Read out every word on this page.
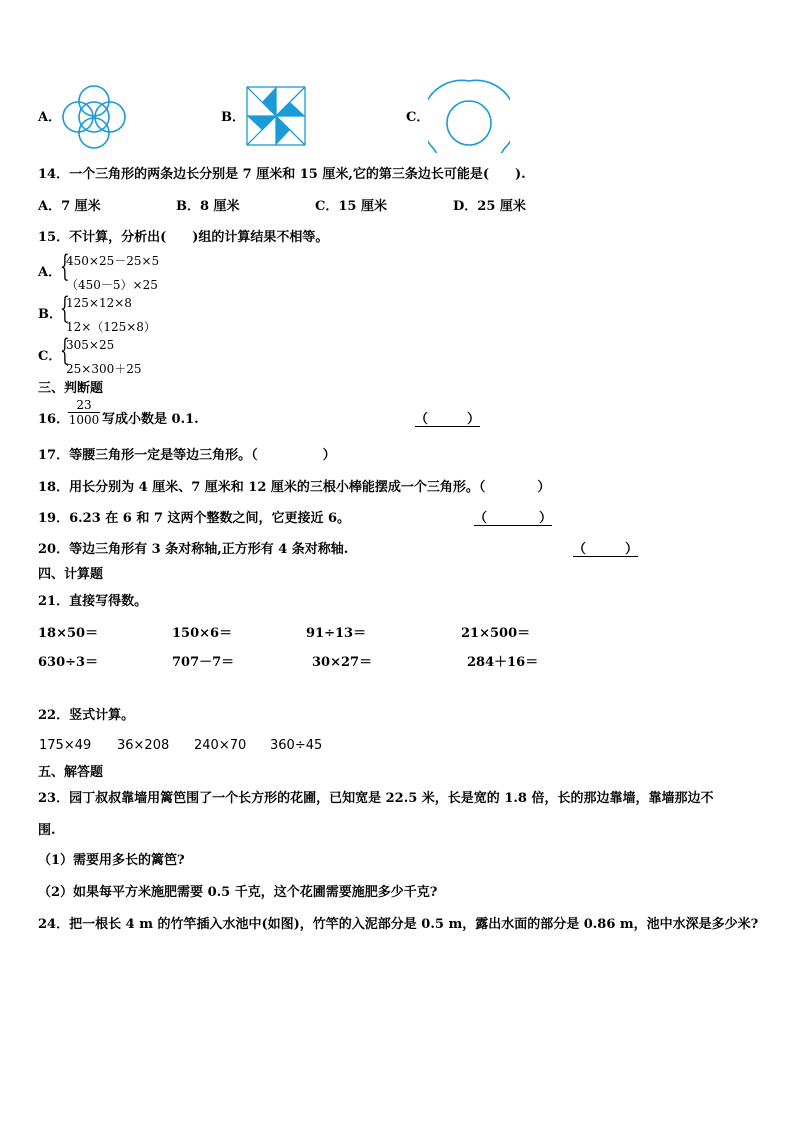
A．	B．	C．
14．一个三角形的两条边长分别是 7 厘米和 15 厘米,它的第三条边长可能是(　　).
A．7 厘米	B．8 厘米	C．15 厘米	D．25 厘米
15．不计算，分析出(　　)组的计算结果不相等。
A．
{
450×25－25×5
（450－5）×25
B．
{
125×12×8
12×（125×8）
C．
{
305×25
25×300＋25
三、判断题
16．
$\frac{23}{1000}$ 写成小数是 0.1.	（　　　）
17．等腰三角形一定是等边三角形。（　　　　　）
18．用长分别为 4 厘米、7 厘米和 12 厘米的三根小棒能摆成一个三角形。（　　　　）
19．6.23 在 6 和 7 这两个整数之间，它更接近 6。	（　　　　）
20．等边三角形有 3 条对称轴,正方形有 4 条对称轴.	（　　　）
四、计算题
21．直接写得数。
18×50＝	150×6＝	91÷13＝	21×500＝
630÷3＝	707－7＝	30×27＝	284＋16＝
22．竖式计算。
175×49 36×208 240×70 360÷45
五、解答题
23．园丁叔叔靠墙用篱笆围了一个长方形的花圃，已知宽是 22.5 米，长是宽的 1.8 倍，长的那边靠墙，靠墙那边不
围.
（1）需要用多长的篱笆?
（2）如果每平方米施肥需要 0.5 千克，这个花圃需要施肥多少千克?
24．把一根长 4 m 的竹竿插入水池中(如图)，竹竿的入泥部分是 0.5 m，露出水面的部分是 0.86 m，池中水深是多少米?
